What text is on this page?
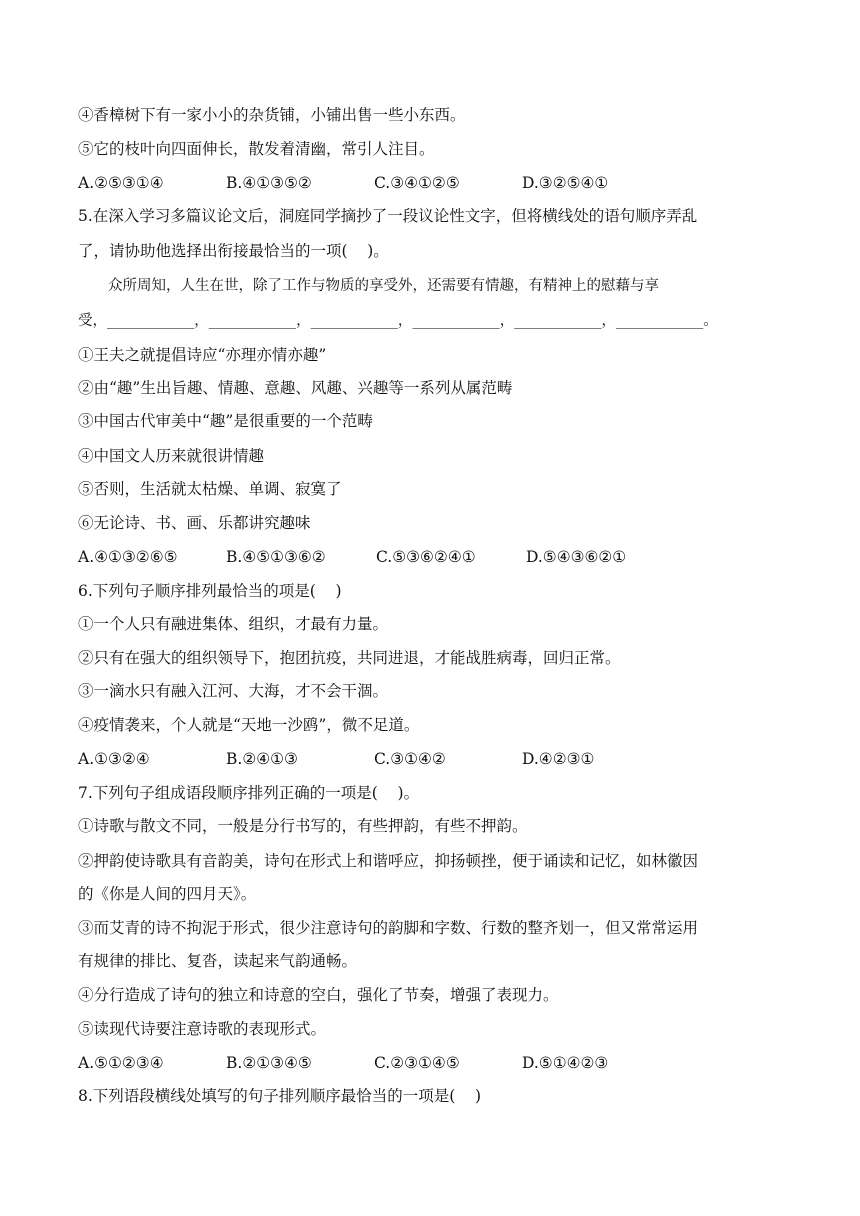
④香樟树下有一家小小的杂货铺，小铺出售一些小东西。
⑤它的枝叶向四面伸长，散发着清幽，常引人注目。
A.②⑤③①④	B.④①③⑤②	C.③④①②⑤	D.③②⑤④①
5.在深入学习多篇议论文后，洞庭同学摘抄了一段议论性文字，但将横线处的语句顺序弄乱
了，请协助他选择出衔接最恰当的一项(    )。
众所周知，人生在世，除了工作与物质的享受外，还需要有情趣，有精神上的慰藉与享
受，__________，__________，__________，__________，__________，__________。
①王夫之就提倡诗应“亦理亦情亦趣”
②由“趣”生出旨趣、情趣、意趣、风趣、兴趣等一系列从属范畴
③中国古代审美中“趣”是很重要的一个范畴
④中国文人历来就很讲情趣
⑤否则，生活就太枯燥、单调、寂寞了
⑥无论诗、书、画、乐都讲究趣味
A.④①③②⑥⑤	B.④⑤①③⑥②	C.⑤③⑥②④①	D.⑤④③⑥②①
6.下列句子顺序排列最恰当的项是(    )
①一个人只有融进集体、组织，才最有力量。
②只有在强大的组织领导下，抱团抗疫，共同进退，才能战胜病毒，回归正常。
③一滴水只有融入江河、大海，才不会干涸。
④疫情袭来，个人就是“天地一沙鸥”，微不足道。
A.①③②④	B.②④①③	C.③①④②	D.④②③①
7.下列句子组成语段顺序排列正确的一项是(    )。
①诗歌与散文不同，一般是分行书写的，有些押韵，有些不押韵。
②押韵使诗歌具有音韵美，诗句在形式上和谐呼应，抑扬顿挫，便于诵读和记忆，如林徽因
的《你是人间的四月天》。
③而艾青的诗不拘泥于形式，很少注意诗句的韵脚和字数、行数的整齐划一，但又常常运用
有规律的排比、复沓，读起来气韵通畅。
④分行造成了诗句的独立和诗意的空白，强化了节奏，增强了表现力。
⑤读现代诗要注意诗歌的表现形式。
A.⑤①②③④	B.②①③④⑤	C.②③①④⑤	D.⑤①④②③
8.下列语段横线处填写的句子排列顺序最恰当的一项是(    )
